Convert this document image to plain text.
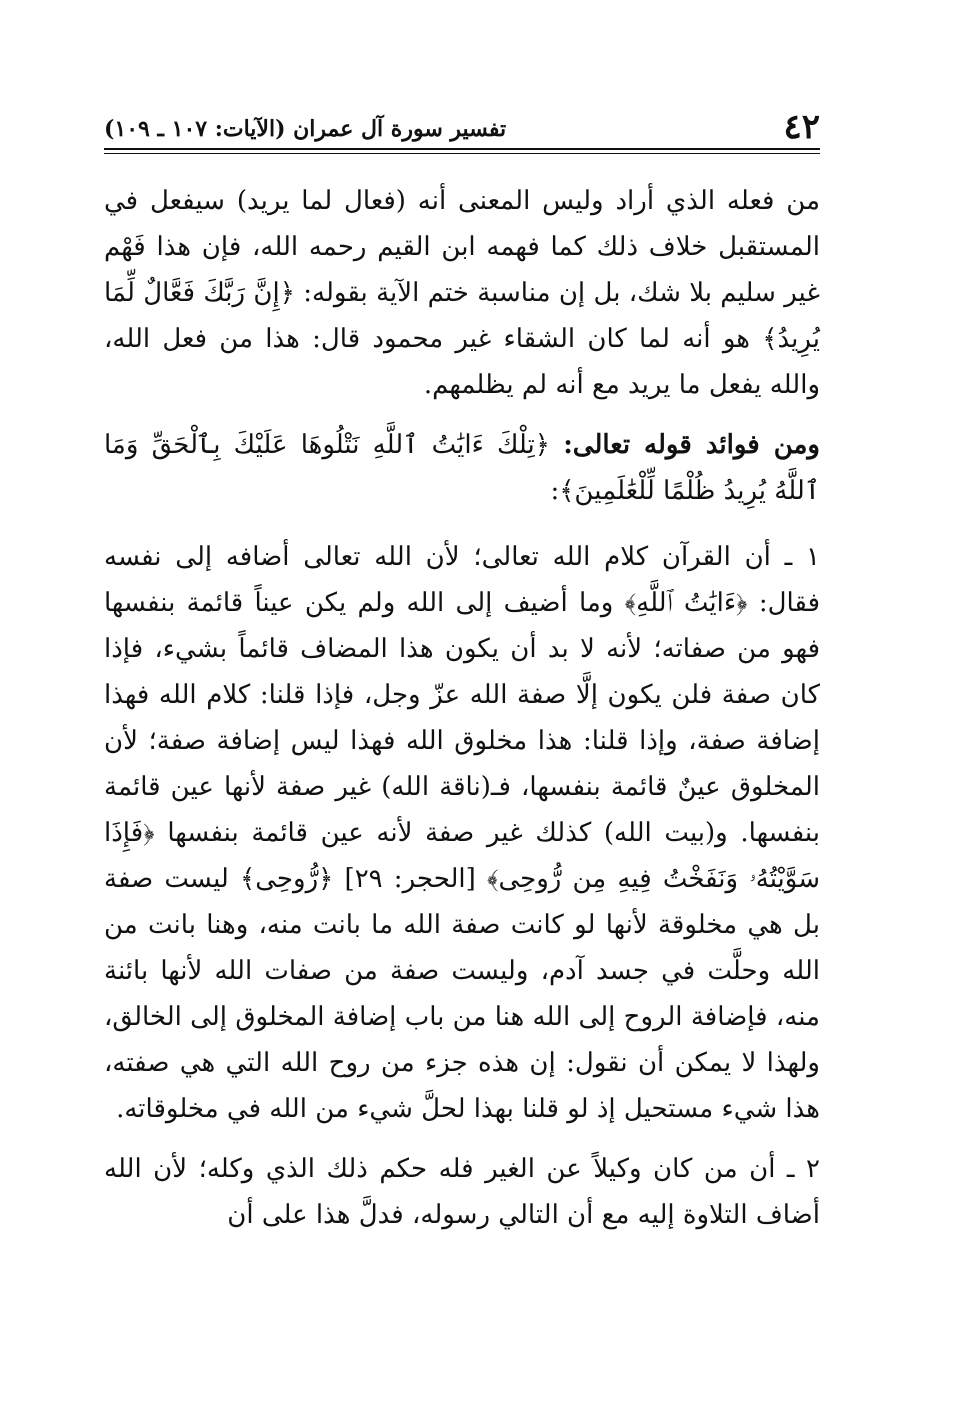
٤٢
تفسير سورة آل عمران (الآيات: ١٠٧ ـ ١٠٩)

من فعله الذي أراد وليس المعنى أنه (فعال لما يريد) سيفعل في المستقبل خلاف ذلك كما فهمه ابن القيم رحمه الله، فإن هذا فَهْم غير سليم بلا شك، بل إن مناسبة ختم الآية بقوله: ﴿إِنَّ رَبَّكَ فَعَّالٌ لِّمَا يُرِيدُ﴾ هو أنه لما كان الشقاء غير محمود قال: هذا من فعل الله، والله يفعل ما يريد مع أنه لم يظلمهم.

ومن فوائد قوله تعالى: ﴿تِلْكَ ءَايَٰتُ ٱللَّهِ نَتْلُوهَا عَلَيْكَ بِٱلْحَقِّ وَمَا ٱللَّهُ يُرِيدُ ظُلْمًا لِّلْعَٰلَمِينَ﴾:

١ ـ أن القرآن كلام الله تعالى؛ لأن الله تعالى أضافه إلى نفسه فقال: ﴿ءَايَٰتُ ٱللَّهِ﴾ وما أضيف إلى الله ولم يكن عيناً قائمة بنفسها فهو من صفاته؛ لأنه لا بد أن يكون هذا المضاف قائماً بشيء، فإذا كان صفة فلن يكون إلَّا صفة الله عزّ وجل، فإذا قلنا: كلام الله فهذا إضافة صفة، وإذا قلنا: هذا مخلوق الله فهذا ليس إضافة صفة؛ لأن المخلوق عينٌ قائمة بنفسها، فـ(ناقة الله) غير صفة لأنها عين قائمة بنفسها. و(بيت الله) كذلك غير صفة لأنه عين قائمة بنفسها ﴿فَإِذَا سَوَّيْتُهُۥ وَنَفَخْتُ فِيهِ مِن رُّوحِى﴾ [الحجر: ٢٩] ﴿رُّوحِى﴾ ليست صفة بل هي مخلوقة لأنها لو كانت صفة الله ما بانت منه، وهنا بانت من الله وحلَّت في جسد آدم، وليست صفة من صفات الله لأنها بائنة منه، فإضافة الروح إلى الله هنا من باب إضافة المخلوق إلى الخالق، ولهذا لا يمكن أن نقول: إن هذه جزء من روح الله التي هي صفته، هذا شيء مستحيل إذ لو قلنا بهذا لحلَّ شيء من الله في مخلوقاته.

٢ ـ أن من كان وكيلاً عن الغير فله حكم ذلك الذي وكله؛ لأن الله أضاف التلاوة إليه مع أن التالي رسوله، فدلَّ هذا على أن
